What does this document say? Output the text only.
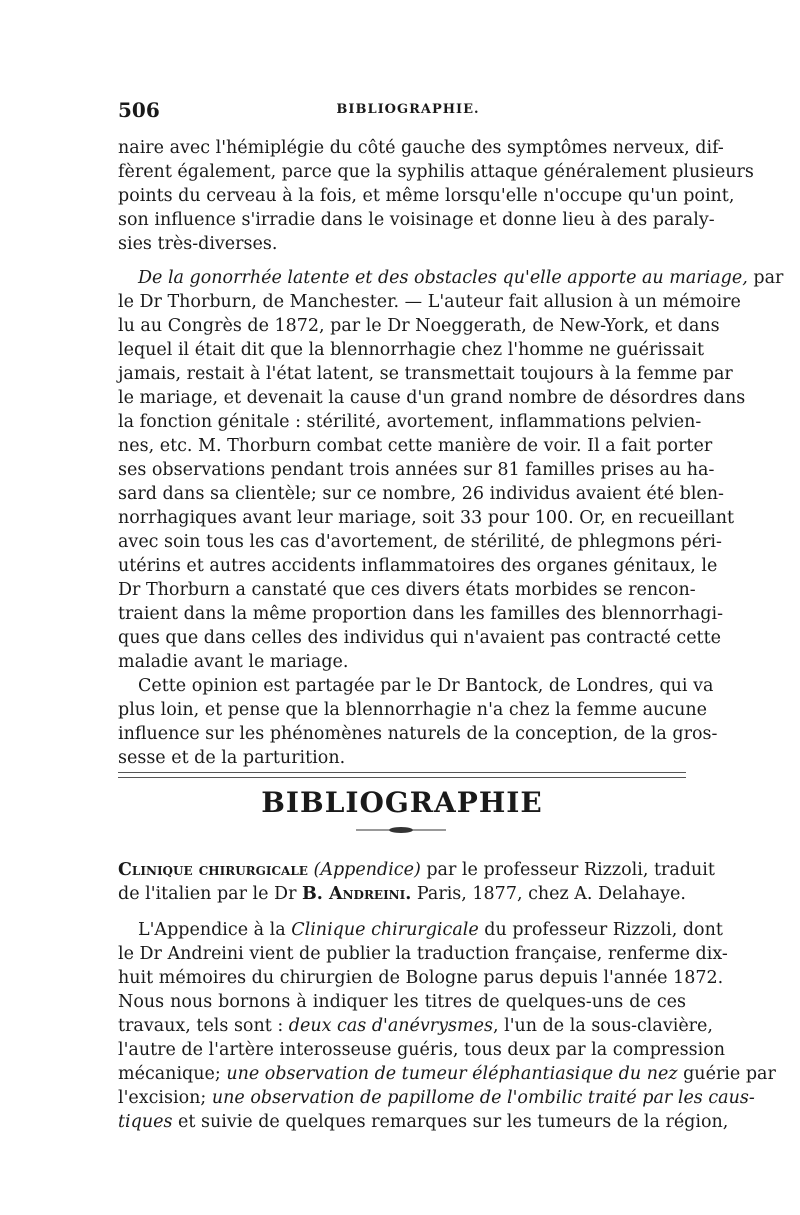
506	BIBLIOGRAPHIE.
naire avec l'hémiplégie du côté gauche des symptômes nerveux, dif-
fèrent également, parce que la syphilis attaque généralement plusieurs
points du cerveau à la fois, et même lorsqu'elle n'occupe qu'un point,
son influence s'irradie dans le voisinage et donne lieu à des paraly-
sies très-diverses.
De la gonorrhée latente et des obstacles qu'elle apporte au mariage, par
le Dr Thorburn, de Manchester. — L'auteur fait allusion à un mémoire
lu au Congrès de 1872, par le Dr Noeggerath, de New-York, et dans
lequel il était dit que la blennorrhagie chez l'homme ne guérissait
jamais, restait à l'état latent, se transmettait toujours à la femme par
le mariage, et devenait la cause d'un grand nombre de désordres dans
la fonction génitale : stérilité, avortement, inflammations pelvien-
nes, etc. M. Thorburn combat cette manière de voir. Il a fait porter
ses observations pendant trois années sur 81 familles prises au ha-
sard dans sa clientèle; sur ce nombre, 26 individus avaient été blen-
norrhagiques avant leur mariage, soit 33 pour 100. Or, en recueillant
avec soin tous les cas d'avortement, de stérilité, de phlegmons péri-
utérins et autres accidents inflammatoires des organes génitaux, le
Dr Thorburn a canstaté que ces divers états morbides se rencon-
traient dans la même proportion dans les familles des blennorrhagi-
ques que dans celles des individus qui n'avaient pas contracté cette
maladie avant le mariage.
Cette opinion est partagée par le Dr Bantock, de Londres, qui va
plus loin, et pense que la blennorrhagie n'a chez la femme aucune
influence sur les phénomènes naturels de la conception, de la gros-
sesse et de la parturition.
BIBLIOGRAPHIE
Clinique chirurgicale (Appendice) par le professeur Rizzoli, traduit
de l'italien par le Dr B. Andreini. Paris, 1877, chez A. Delahaye.
L'Appendice à la Clinique chirurgicale du professeur Rizzoli, dont
le Dr Andreini vient de publier la traduction française, renferme dix-
huit mémoires du chirurgien de Bologne parus depuis l'année 1872.
Nous nous bornons à indiquer les titres de quelques-uns de ces
travaux, tels sont : deux cas d'anévrysmes, l'un de la sous-clavière,
l'autre de l'artère interosseuse guéris, tous deux par la compression
mécanique; une observation de tumeur éléphantiasique du nez guérie par
l'excision; une observation de papillome de l'ombilic traité par les caus-
tiques et suivie de quelques remarques sur les tumeurs de la région,
